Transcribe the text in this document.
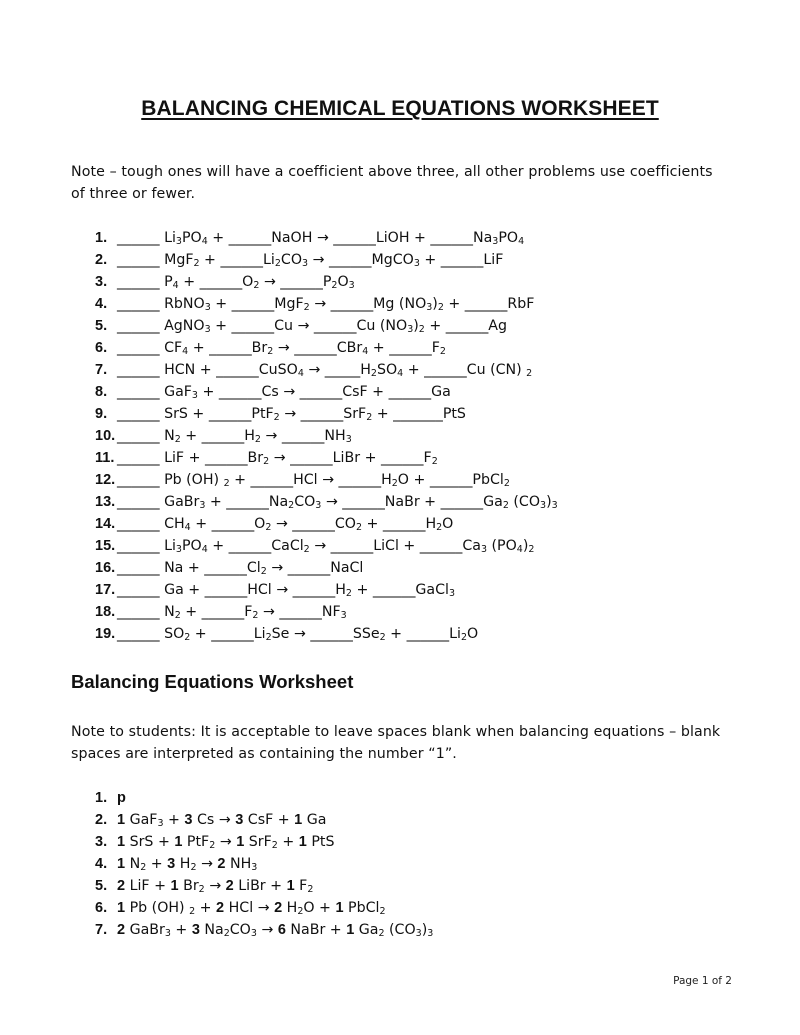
BALANCING CHEMICAL EQUATIONS WORKSHEET
Note – tough ones will have a coefficient above three, all other problems use coefficients of three or fewer.
1. ______ $Li_3PO_4$ + ______NaOH → ______LiOH + $\_\_\_\_\_\_Na_3PO_4$
2. ______ $MgF_2 + \_\_\_\_\_\_Li_2CO_3$ → ______MgCO$_3$ + ______LiF
3. ______ $P_4$ + $\_\_\_\_\_\_O_2$ → $\_\_\_\_\_\_P_2O_3$
4. ______ RbNO$_3$ + ______MgF$_2$ → ______Mg $(NO_3)_2$ + ______RbF
5. ______ AgNO$_3$ + ______Cu → ______Cu $(NO_3)_2$ + ______Ag
6. ______ $CF_4$ + $\_\_\_\_\_\_Br_2$ → ______CBr$_4$ + $\_\_\_\_\_\_F_2$
7. ______ HCN + ______CuSO$_4$ → $\_\_\_\_\_H_2SO_4$ + ______Cu (CN) $_2$
8. ______ GaF$_3$ + ______Cs → ______CsF + ______Ga
9. ______ SrS + ______PtF$_2$ → ______SrF$_2$ + _______PtS
10. ______ $N_2$ + $\_\_\_\_\_\_H_2$ → $\_\_\_\_\_\_NH_3$
11. ______ LiF + $\_\_\_\_\_\_Br_2$ → ______LiBr + $\_\_\_\_\_\_F_2$
12. ______ Pb (OH) $_2$ + ______HCl → $\_\_\_\_\_\_H_2O$ + ______PbCl$_2$
13. ______ GaBr$_3$ + $\_\_\_\_\_\_Na_2CO_3$ → ______NaBr + $\_\_\_\_\_\_Ga_2$ $(CO_3)_3$
14. ______ $CH_4$ + $\_\_\_\_\_\_O_2$ → $\_\_\_\_\_\_CO_2$ + $\_\_\_\_\_\_H_2O$
15. ______ $Li_3PO_4$ + ______CaCl$_2$ → ______LiCl + $\_\_\_\_\_\_Ca_3$ $(PO_4)_2$
16. ______ $Na + \_\_\_\_\_\_Cl_2$ → ______NaCl
17. ______ Ga + ______HCl → $\_\_\_\_\_\_H_2$ + ______GaCl$_3$
18. ______ $N_2$ + $\_\_\_\_\_\_F_2$ → $\_\_\_\_\_\_NF_3$
19. ______ $SO_2$ + $\_\_\_\_\_\_Li_2Se$ → ______SSe$_2$ + $\_\_\_\_\_\_Li_2O$
Balancing Equations Worksheet
Note to students: It is acceptable to leave spaces blank when balancing equations – blank spaces are interpreted as containing the number “1”.
1. p
2. 1 GaF$_3$ + 3 Cs → 3 CsF + 1 Ga
3. 1 SrS + 1 PtF$_2$ → 1 SrF$_2$ + 1 PtS
4. 1 $N_2 + 3$ $H_2 \to 2$ $NH_3$
5. 2 LiF + 1 $Br_2 \to 2$ LiBr + 1 $F_2$
6. 1 Pb (OH) $_2$ + 2 HCl → 2 $H_2O + 1$ PbCl$_2$
7. 2 GaBr$_3$ + 3 $Na_2CO_3 \to 6$ NaBr + 1 $Ga_2$ $(CO_3)_3$
Page 1 of 2
